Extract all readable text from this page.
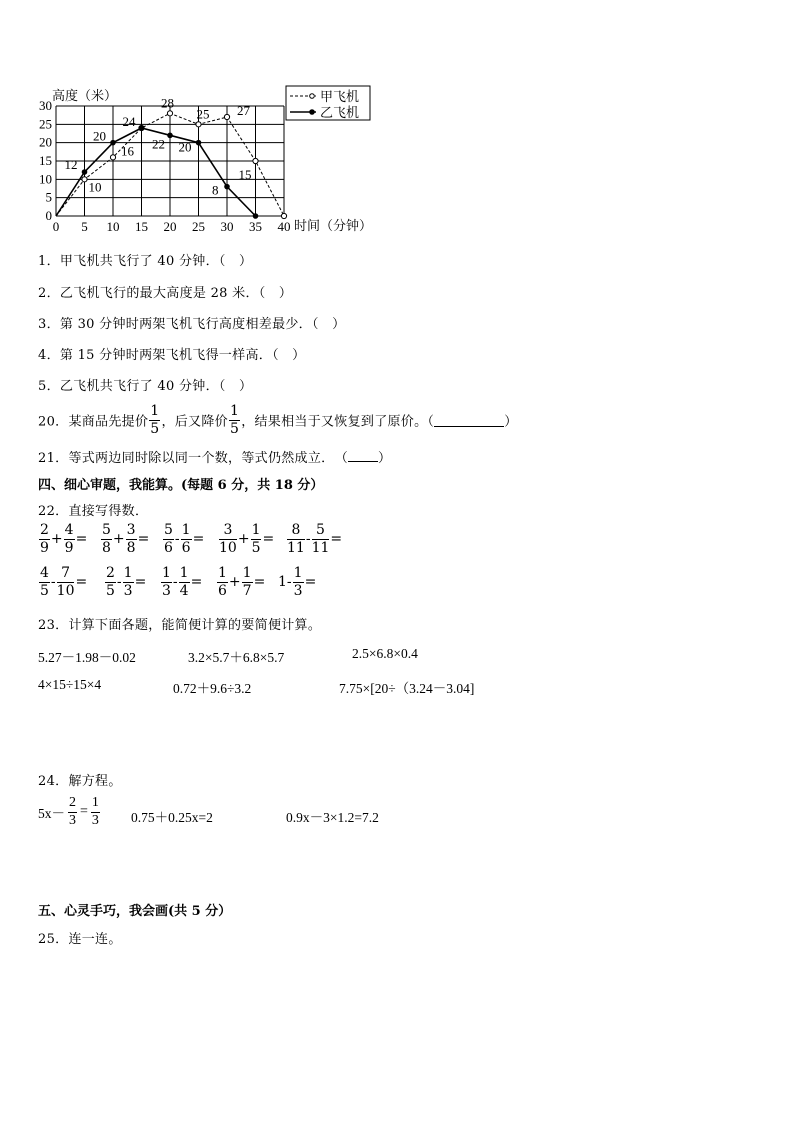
0 5 10 15 20 25 30 35 40
0
5
10
15
20
25
30
10
16
28
25 27
15
12
20
24
22 20
8
甲飞机
乙飞机
高度（米）
时间（分钟）
1．甲飞机共飞行了 40 分钟．（　）
2．乙飞机飞行的最大高度是 28 米．（　）
3．第 30 分钟时两架飞机飞行高度相差最少．（　）
4．第 15 分钟时两架飞机飞得一样高．（　）
5．乙飞机共飞行了 40 分钟．（　）
20．某商品先提价 $\frac{1}{5}$ ，后又降价 $\frac{1}{5}$ ，结果相当于又恢复到了原价。（	）
21．等式两边同时除以同一个数，等式仍然成立．　（ ）
四、细心审题，我能算。(每题 6 分，共 18 分）
22．直接写得数．
$\frac{2}{9} + \frac{4}{9} = \frac{5}{8} + \frac{3}{8} = \frac{5}{6} - \frac{1}{6} = \frac{3}{10} + \frac{1}{5} = \frac{8}{11} - \frac{5}{11}$ =
$\frac{4}{5} - \frac{7}{10} = \frac{2}{5} - \frac{1}{3} = \frac{1}{3} - \frac{1}{4} = \frac{1}{6} + \frac{1}{7} = 1- \frac{1}{3}$ =
23．计算下面各题，能简便计算的要简便计算。
5.27－1.98－0.02	3.2×5.7＋6.8×5.7	2.5×6.8×0.4
4×15÷15×4	0.72＋9.6÷3.2	7.75×[20÷（3.24－3.04]
24．解方程。
$5x- \frac{2}{3} = \frac{1}{3} 0.75+0.25x=2$	0.9x－3×1.2=7.2
五、心灵手巧，我会画(共 5 分）
25．连一连。
